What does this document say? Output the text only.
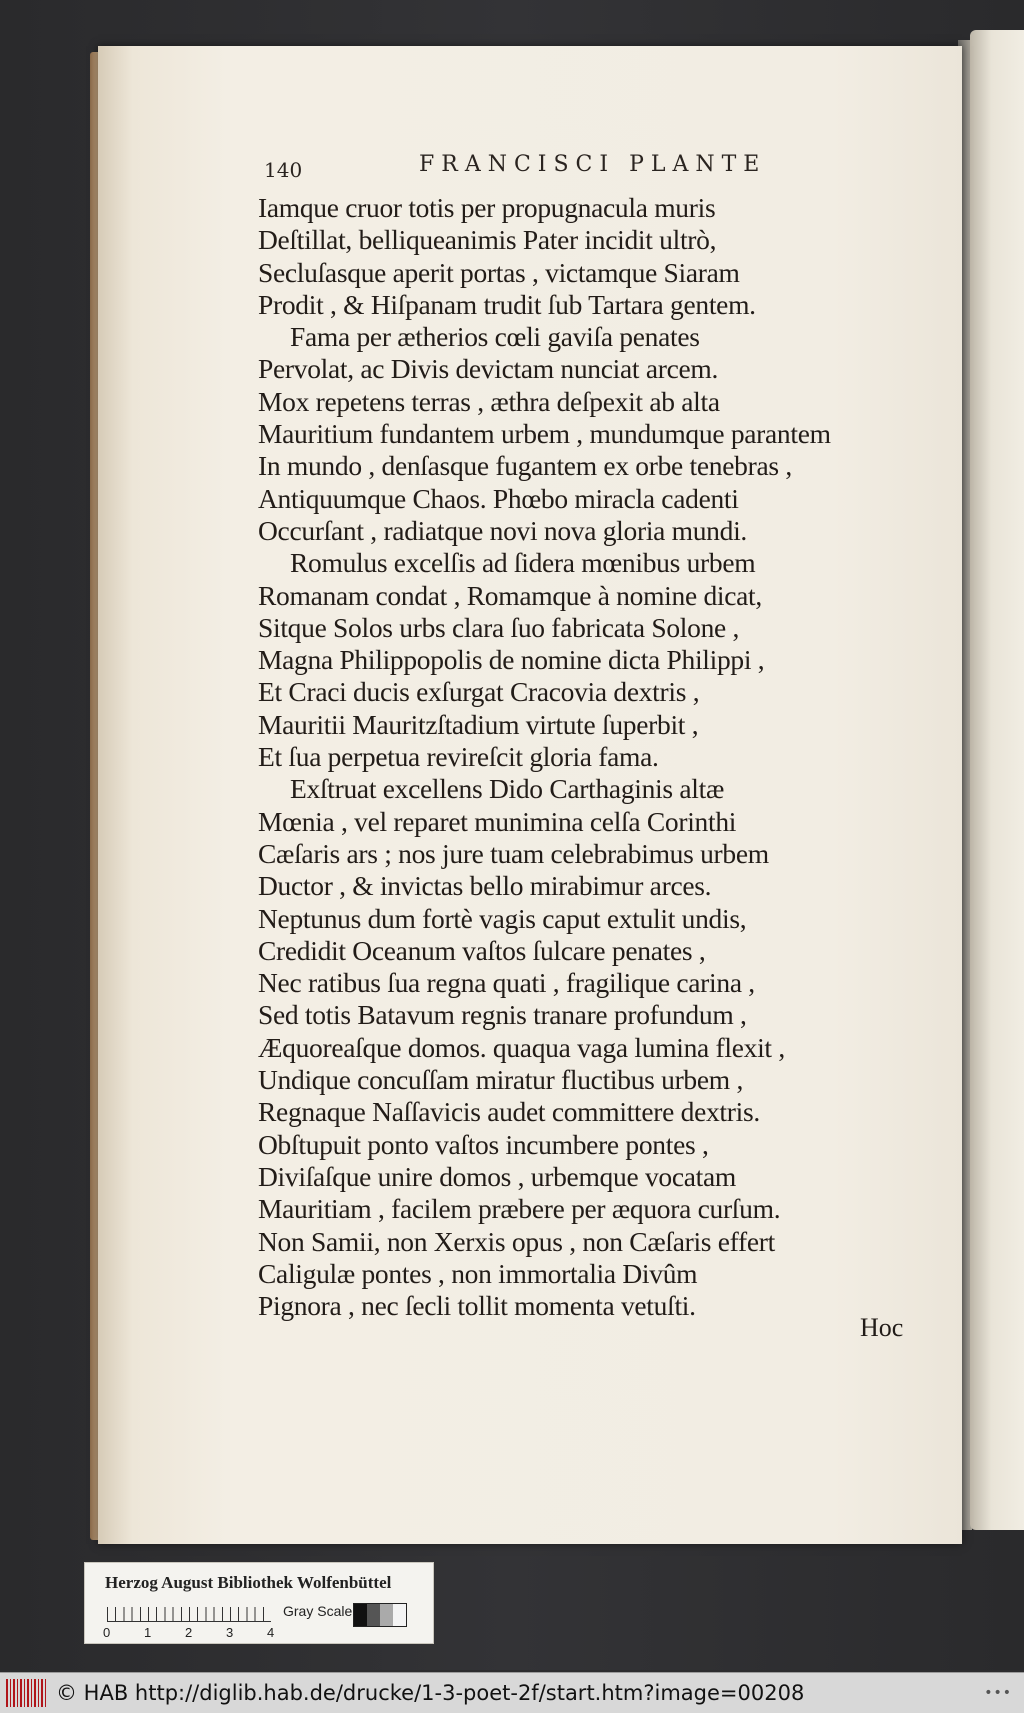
140	FRANCISCI PLANTE
Iamque cruor totis per propugnacula muris
Deſtillat, belliqueanimis Pater incidit ultrò,
Secluſasque aperit portas , victamque Siaram
Prodit , & Hiſpanam trudit ſub Tartara gentem.
Fama per ætherios cœli gaviſa penates
Pervolat, ac Divis devictam nunciat arcem.
Mox repetens terras , æthra deſpexit ab alta
Mauritium fundantem urbem , mundumque parantem
In mundo , denſasque fugantem ex orbe tenebras ,
Antiquumque Chaos. Phœbo miracla cadenti
Occurſant , radiatque novi nova gloria mundi.
Romulus excelſis ad ſidera mœnibus urbem
Romanam condat , Romamque à nomine dicat,
Sitque Solos urbs clara ſuo fabricata Solone ,
Magna Philippopolis de nomine dicta Philippi ,
Et Craci ducis exſurgat Cracovia dextris ,
Mauritii Mauritzſtadium virtute ſuperbit ,
Et ſua perpetua revireſcit gloria fama.
Exſtruat excellens Dido Carthaginis altæ
Mœnia , vel reparet munimina celſa Corinthi
Cæſaris ars ; nos jure tuam celebrabimus urbem
Ductor , & invictas bello mirabimur arces.
Neptunus dum fortè vagis caput extulit undis,
Credidit Oceanum vaſtos ſulcare penates ,
Nec ratibus ſua regna quati , fragilique carina ,
Sed totis Batavum regnis tranare profundum ,
Æquoreaſque domos. quaqua vaga lumina flexit ,
Undique concuſſam miratur fluctibus urbem ,
Regnaque Naſſavicis audet committere dextris.
Obſtupuit ponto vaſtos incumbere pontes ,
Diviſaſque unire domos , urbemque vocatam
Mauritiam , facilem præbere per æquora curſum.
Non Samii, non Xerxis opus , non Cæſaris effert
Caligulæ pontes , non immortalia Divûm
Pignora , nec ſecli tollit momenta vetuſti.
Hoc
Herzog August Bibliothek Wolfenbüttel
0	1	2	3	4
Gray Scale
© HAB http://diglib.hab.de/drucke/1-3-poet-2f/start.htm?image=00208	•••
